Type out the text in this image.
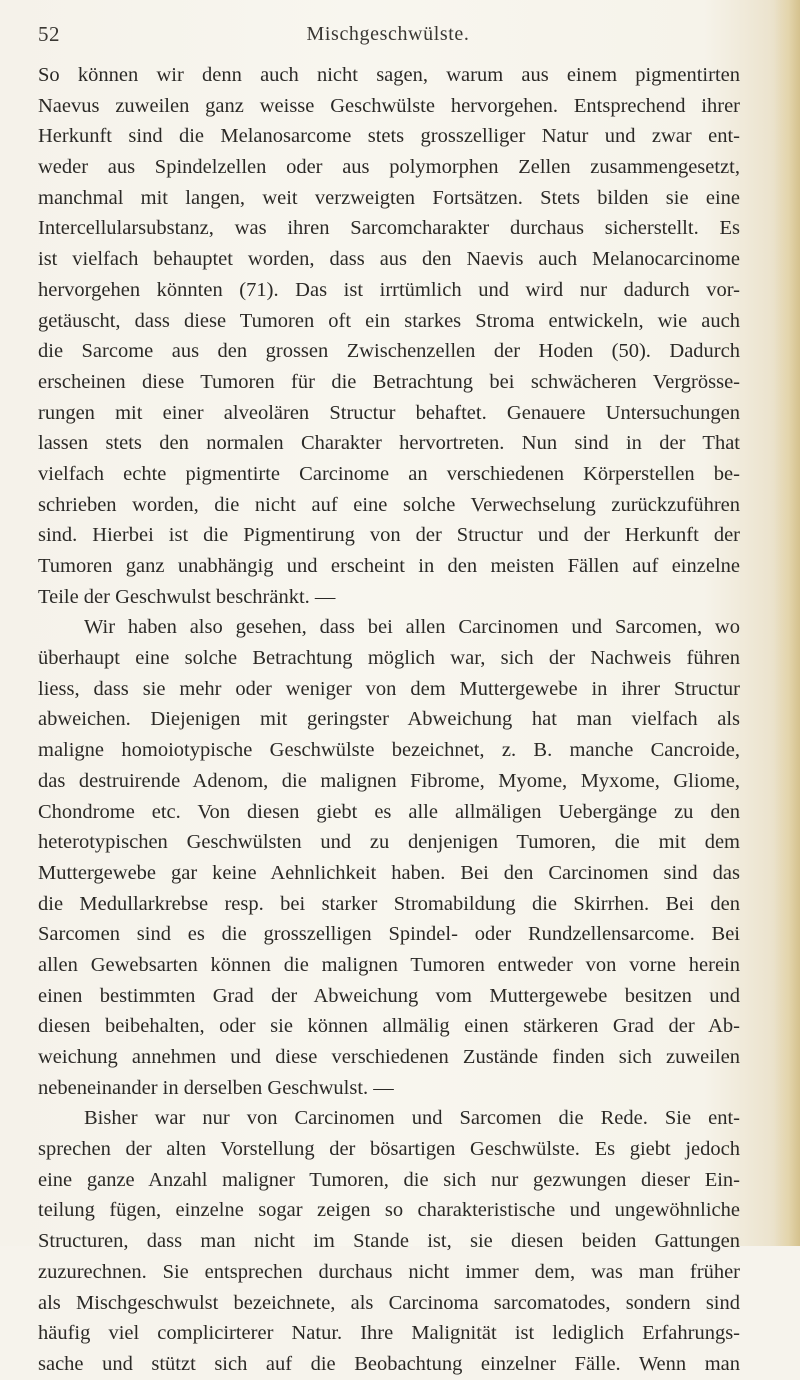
52	Mischgeschwülste.
So können wir denn auch nicht sagen, warum aus einem pigmentirten
Naevus zuweilen ganz weisse Geschwülste hervorgehen. Entsprechend ihrer
Herkunft sind die Melanosarcome stets grosszelliger Natur und zwar ent-
weder aus Spindelzellen oder aus polymorphen Zellen zusammengesetzt,
manchmal mit langen, weit verzweigten Fortsätzen. Stets bilden sie eine
Intercellularsubstanz, was ihren Sarcomcharakter durchaus sicherstellt. Es
ist vielfach behauptet worden, dass aus den Naevis auch Melanocarcinome
hervorgehen könnten (71). Das ist irrtümlich und wird nur dadurch vor-
getäuscht, dass diese Tumoren oft ein starkes Stroma entwickeln, wie auch
die Sarcome aus den grossen Zwischenzellen der Hoden (50). Dadurch
erscheinen diese Tumoren für die Betrachtung bei schwächeren Vergrösse-
rungen mit einer alveolären Structur behaftet. Genauere Untersuchungen
lassen stets den normalen Charakter hervortreten. Nun sind in der That
vielfach echte pigmentirte Carcinome an verschiedenen Körperstellen be-
schrieben worden, die nicht auf eine solche Verwechselung zurückzuführen
sind. Hierbei ist die Pigmentirung von der Structur und der Herkunft der
Tumoren ganz unabhängig und erscheint in den meisten Fällen auf einzelne
Teile der Geschwulst beschränkt. —
Wir haben also gesehen, dass bei allen Carcinomen und Sarcomen, wo
überhaupt eine solche Betrachtung möglich war, sich der Nachweis führen
liess, dass sie mehr oder weniger von dem Muttergewebe in ihrer Structur
abweichen. Diejenigen mit geringster Abweichung hat man vielfach als
maligne homoiotypische Geschwülste bezeichnet, z. B. manche Cancroide,
das destruirende Adenom, die malignen Fibrome, Myome, Myxome, Gliome,
Chondrome etc. Von diesen giebt es alle allmäligen Uebergänge zu den
heterotypischen Geschwülsten und zu denjenigen Tumoren, die mit dem
Muttergewebe gar keine Aehnlichkeit haben. Bei den Carcinomen sind das
die Medullarkrebse resp. bei starker Stromabildung die Skirrhen. Bei den
Sarcomen sind es die grosszelligen Spindel- oder Rundzellensarcome. Bei
allen Gewebsarten können die malignen Tumoren entweder von vorne herein
einen bestimmten Grad der Abweichung vom Muttergewebe besitzen und
diesen beibehalten, oder sie können allmälig einen stärkeren Grad der Ab-
weichung annehmen und diese verschiedenen Zustände finden sich zuweilen
nebeneinander in derselben Geschwulst. —
Bisher war nur von Carcinomen und Sarcomen die Rede. Sie ent-
sprechen der alten Vorstellung der bösartigen Geschwülste. Es giebt jedoch
eine ganze Anzahl maligner Tumoren, die sich nur gezwungen dieser Ein-
teilung fügen, einzelne sogar zeigen so charakteristische und ungewöhnliche
Structuren, dass man nicht im Stande ist, sie diesen beiden Gattungen
zuzurechnen. Sie entsprechen durchaus nicht immer dem, was man früher
als Mischgeschwulst bezeichnete, als Carcinoma sarcomatodes, sondern sind
häufig viel complicirterer Natur. Ihre Malignität ist lediglich Erfahrungs-
sache und stützt sich auf die Beobachtung einzelner Fälle. Wenn man
